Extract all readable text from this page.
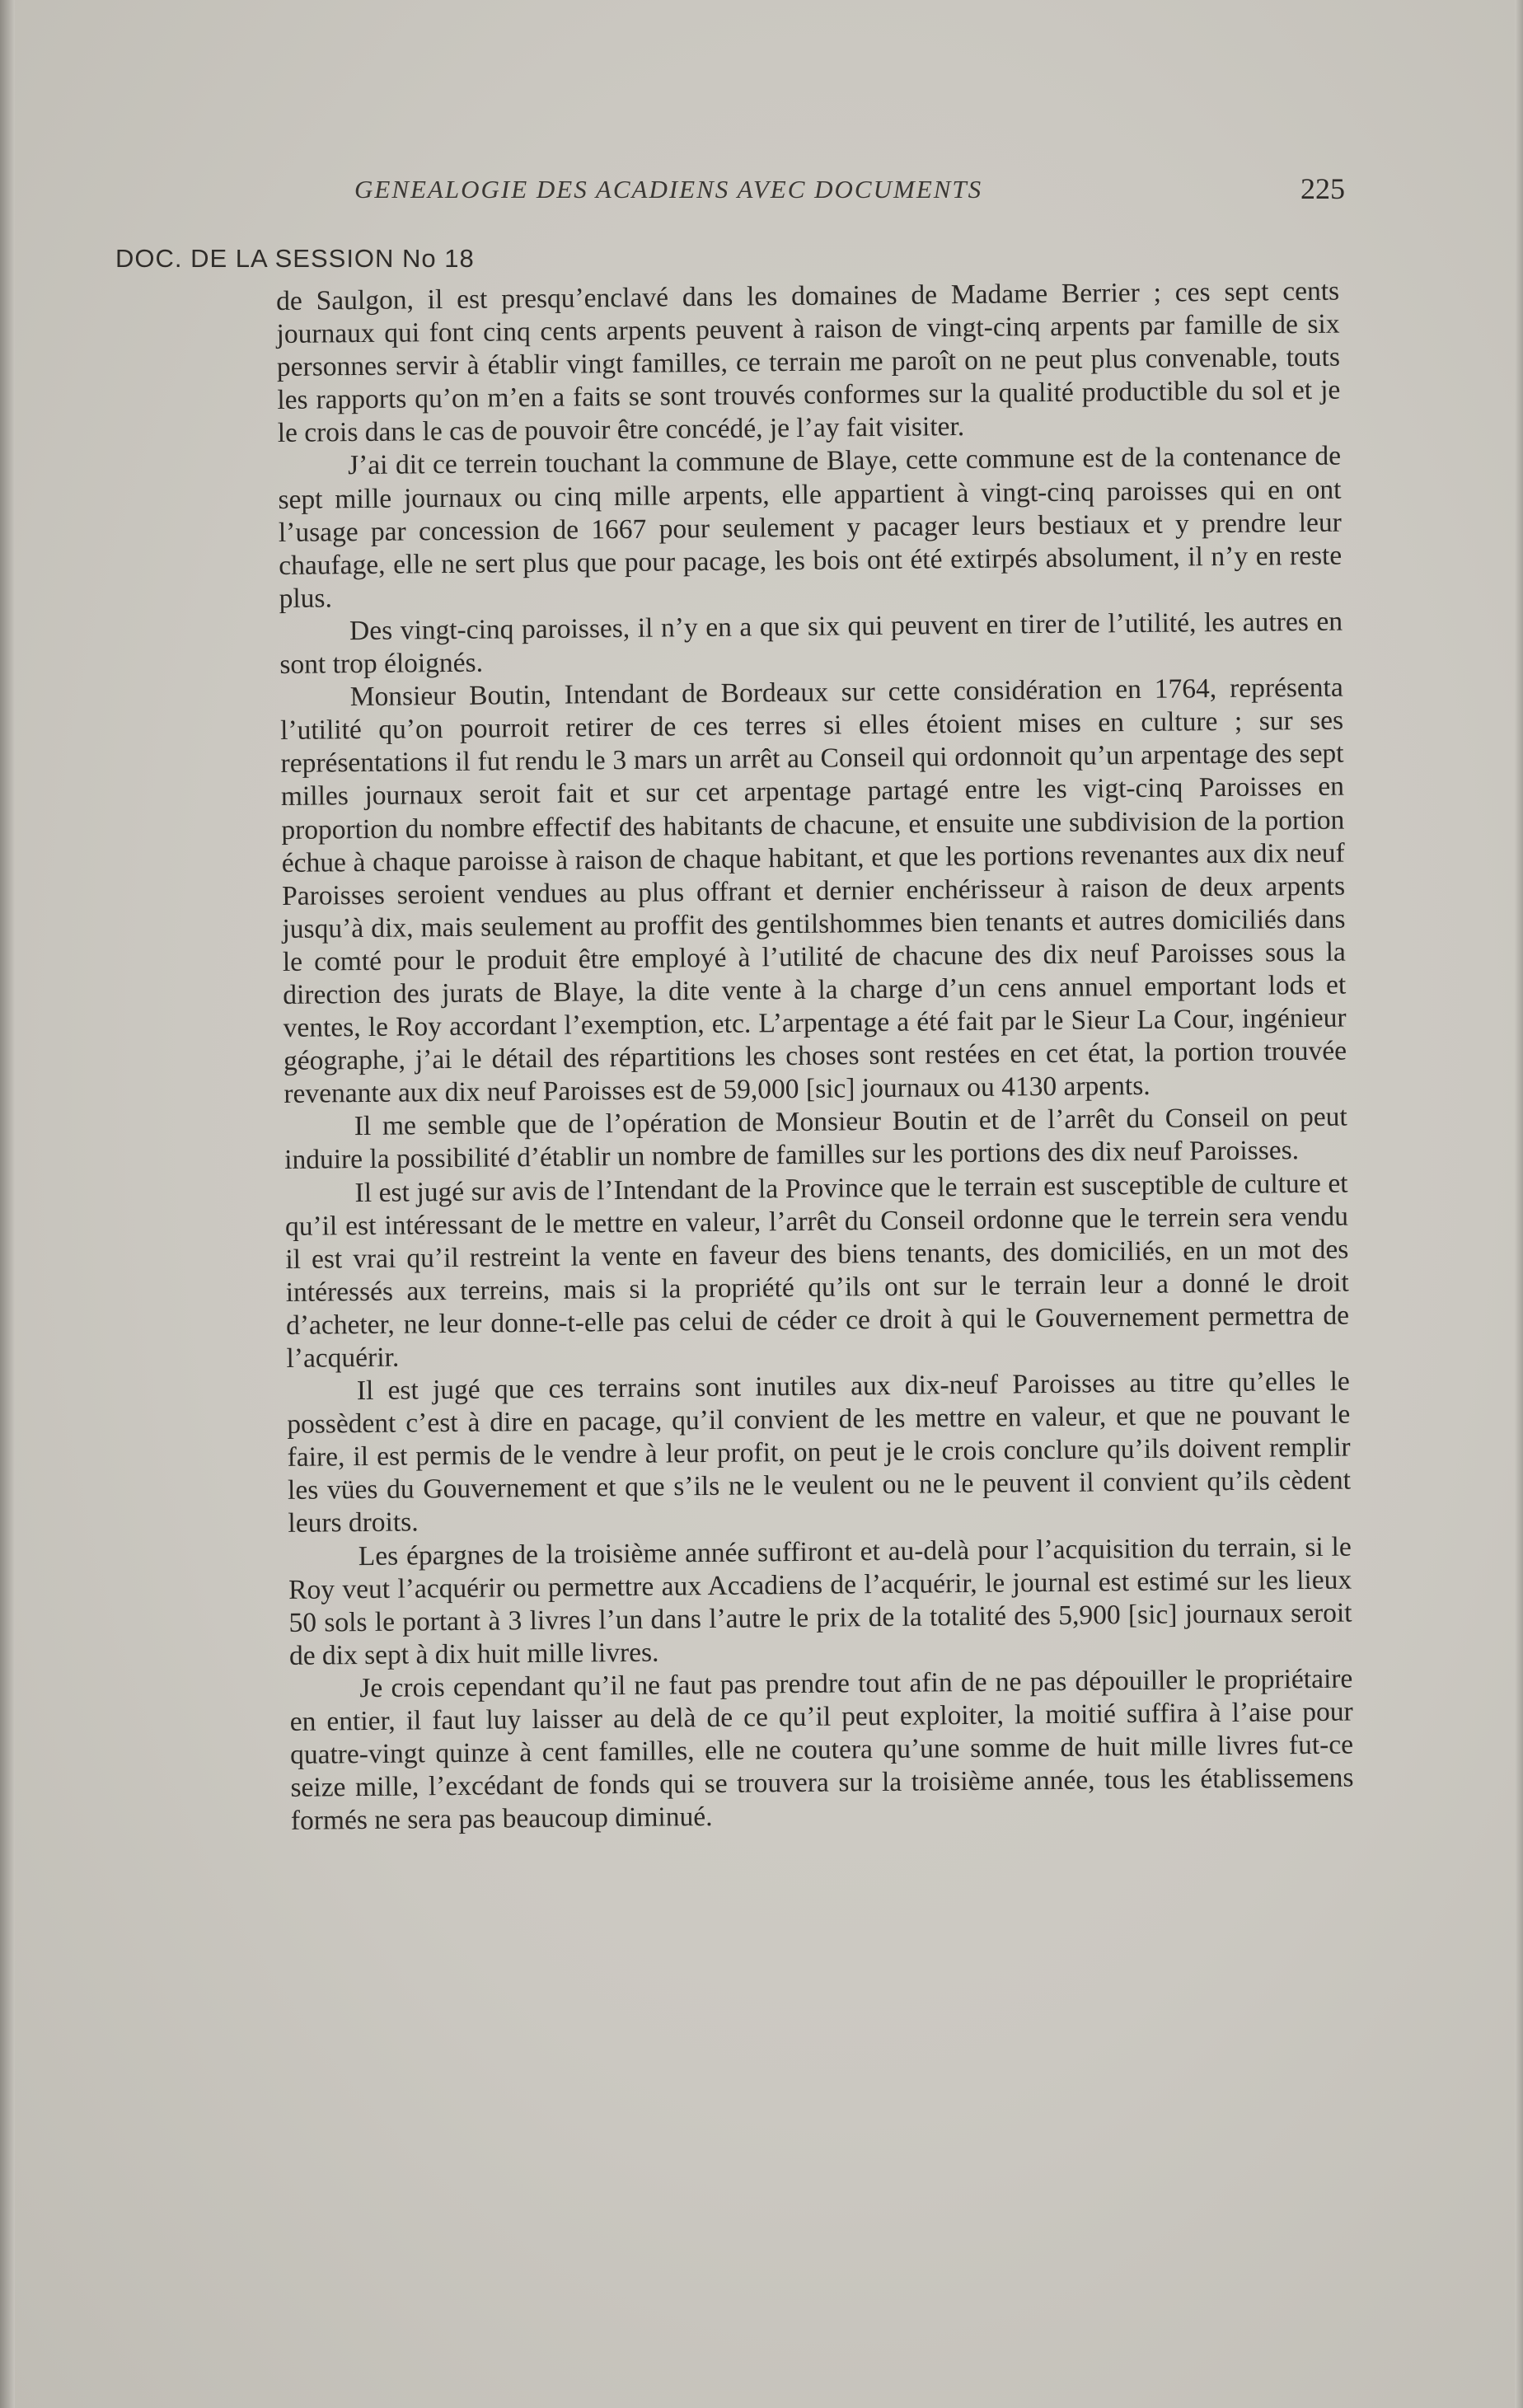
GENEALOGIE DES ACADIENS AVEC DOCUMENTS	225
DOC. DE LA SESSION No 18

de Saulgon, il est presqu’enclavé dans les domaines de Madame Berrier ; ces sept cents journaux qui font cinq cents arpents peuvent à raison de vingt-cinq arpents par famille de six personnes servir à établir vingt familles, ce terrain me paroît on ne peut plus convenable, touts les rapports qu’on m’en a faits se sont trouvés conformes sur la qualité productible du sol et je le crois dans le cas de pouvoir être concédé, je l’ay fait visiter.

J’ai dit ce terrein touchant la commune de Blaye, cette commune est de la contenance de sept mille journaux ou cinq mille arpents, elle appartient à vingt-cinq paroisses qui en ont l’usage par concession de 1667 pour seulement y pacager leurs bestiaux et y prendre leur chaufage, elle ne sert plus que pour pacage, les bois ont été extirpés absolument, il n’y en reste plus.

Des vingt-cinq paroisses, il n’y en a que six qui peuvent en tirer de l’utilité, les autres en sont trop éloignés.

Monsieur Boutin, Intendant de Bordeaux sur cette considération en 1764, représenta l’utilité qu’on pourroit retirer de ces terres si elles étoient mises en culture ; sur ses représentations il fut rendu le 3 mars un arrêt au Conseil qui ordonnoit qu’un arpentage des sept milles journaux seroit fait et sur cet arpentage partagé entre les vigt-cinq Paroisses en proportion du nombre effectif des habitants de chacune, et ensuite une subdivision de la portion échue à chaque paroisse à raison de chaque habitant, et que les portions revenantes aux dix neuf Paroisses seroient vendues au plus offrant et dernier enchérisseur à raison de deux arpents jusqu’à dix, mais seulement au proffit des gentilshommes bien tenants et autres domiciliés dans le comté pour le produit être employé à l’utilité de chacune des dix neuf Paroisses sous la direction des jurats de Blaye, la dite vente à la charge d’un cens annuel emportant lods et ventes, le Roy accordant l’exemption, etc. L’arpentage a été fait par le Sieur La Cour, ingénieur géographe, j’ai le détail des répartitions les choses sont restées en cet état, la portion trouvée revenante aux dix neuf Paroisses est de 59,000 [sic] journaux ou 4130 arpents.

Il me semble que de l’opération de Monsieur Boutin et de l’arrêt du Conseil on peut induire la possibilité d’établir un nombre de familles sur les portions des dix neuf Paroisses.

Il est jugé sur avis de l’Intendant de la Province que le terrain est susceptible de culture et qu’il est intéressant de le mettre en valeur, l’arrêt du Conseil ordonne que le terrein sera vendu il est vrai qu’il restreint la vente en faveur des biens tenants, des domiciliés, en un mot des intéressés aux terreins, mais si la propriété qu’ils ont sur le terrain leur a donné le droit d’acheter, ne leur donne-t-elle pas celui de céder ce droit à qui le Gouvernement permettra de l’acquérir.

Il est jugé que ces terrains sont inutiles aux dix-neuf Paroisses au titre qu’elles le possèdent c’est à dire en pacage, qu’il convient de les mettre en valeur, et que ne pouvant le faire, il est permis de le vendre à leur profit, on peut je le crois conclure qu’ils doivent remplir les vües du Gouvernement et que s’ils ne le veulent ou ne le peuvent il convient qu’ils cèdent leurs droits.

Les épargnes de la troisième année suffiront et au-delà pour l’acquisition du terrain, si le Roy veut l’acquérir ou permettre aux Accadiens de l’acquérir, le journal est estimé sur les lieux 50 sols le portant à 3 livres l’un dans l’autre le prix de la totalité des 5,900 [sic] journaux seroit de dix sept à dix huit mille livres.

Je crois cependant qu’il ne faut pas prendre tout afin de ne pas dépouiller le propriétaire en entier, il faut luy laisser au delà de ce qu’il peut exploiter, la moitié suffira à l’aise pour quatre-vingt quinze à cent familles, elle ne coutera qu’une somme de huit mille livres fut-ce seize mille, l’excédant de fonds qui se trouvera sur la troisième année, tous les établissemens formés ne sera pas beaucoup diminué.
